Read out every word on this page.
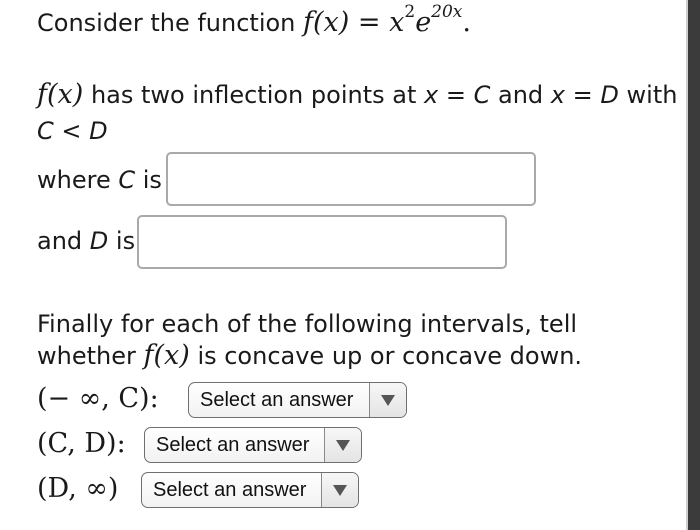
Consider the function $f(x) = x^2e^{20x}$.
f(x) has two inflection points at x = C and x = D with
C < D
where C is
and D is
Finally for each of the following intervals, tell
whether f(x) is concave up or concave down.
(− ∞, C):	Select an answer
(C, D):	Select an answer
(D, ∞)	Select an answer
